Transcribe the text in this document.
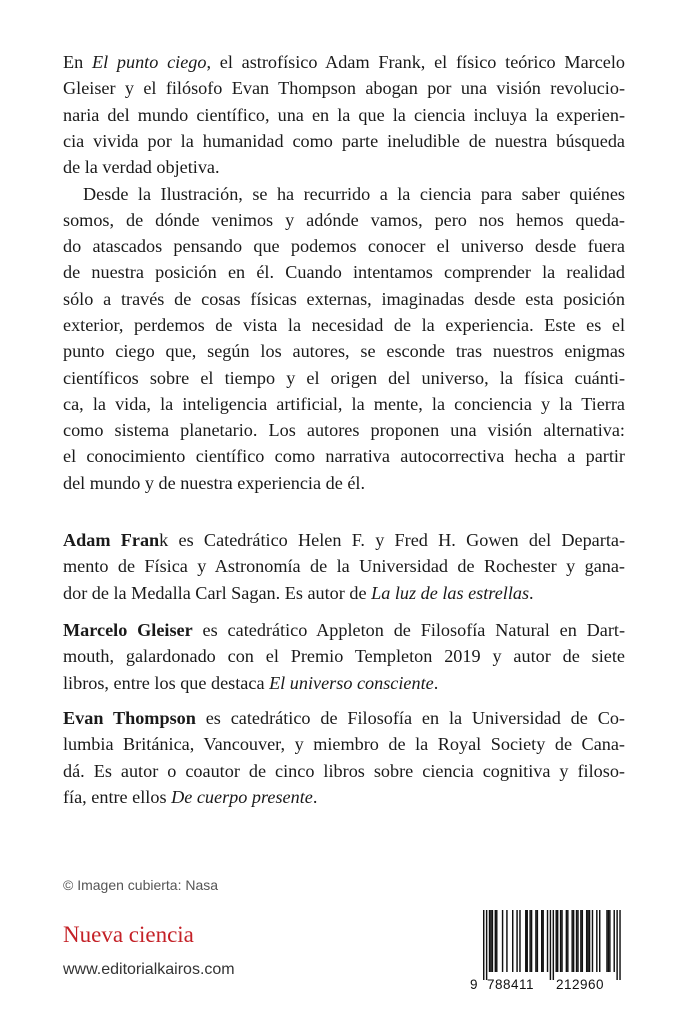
En El punto ciego, el astrofísico Adam Frank, el físico teórico Marcelo
Gleiser y el filósofo Evan Thompson abogan por una visión revolucio-
naria del mundo científico, una en la que la ciencia incluya la experien-
cia vivida por la humanidad como parte ineludible de nuestra búsqueda
de la verdad objetiva.
Desde la Ilustración, se ha recurrido a la ciencia para saber quiénes
somos, de dónde venimos y adónde vamos, pero nos hemos queda-
do atascados pensando que podemos conocer el universo desde fuera
de nuestra posición en él. Cuando intentamos comprender la realidad
sólo a través de cosas físicas externas, imaginadas desde esta posición
exterior, perdemos de vista la necesidad de la experiencia. Este es el
punto ciego que, según los autores, se esconde tras nuestros enigmas
científicos sobre el tiempo y el origen del universo, la física cuánti-
ca, la vida, la inteligencia artificial, la mente, la conciencia y la Tierra
como sistema planetario. Los autores proponen una visión alternativa:
el conocimiento científico como narrativa autocorrectiva hecha a partir
del mundo y de nuestra experiencia de él.
Adam Frank es Catedrático Helen F. y Fred H. Gowen del Departa-
mento de Física y Astronomía de la Universidad de Rochester y gana-
dor de la Medalla Carl Sagan. Es autor de La luz de las estrellas.
Marcelo Gleiser es catedrático Appleton de Filosofía Natural en Dart-
mouth, galardonado con el Premio Templeton 2019 y autor de siete
libros, entre los que destaca El universo consciente.
Evan Thompson es catedrático de Filosofía en la Universidad de Co-
lumbia Británica, Vancouver, y miembro de la Royal Society de Cana-
dá. Es autor o coautor de cinco libros sobre ciencia cognitiva y filoso-
fía, entre ellos De cuerpo presente.
© Imagen cubierta: Nasa
Nueva ciencia
www.editorialkairos.com
9 788411 212960
